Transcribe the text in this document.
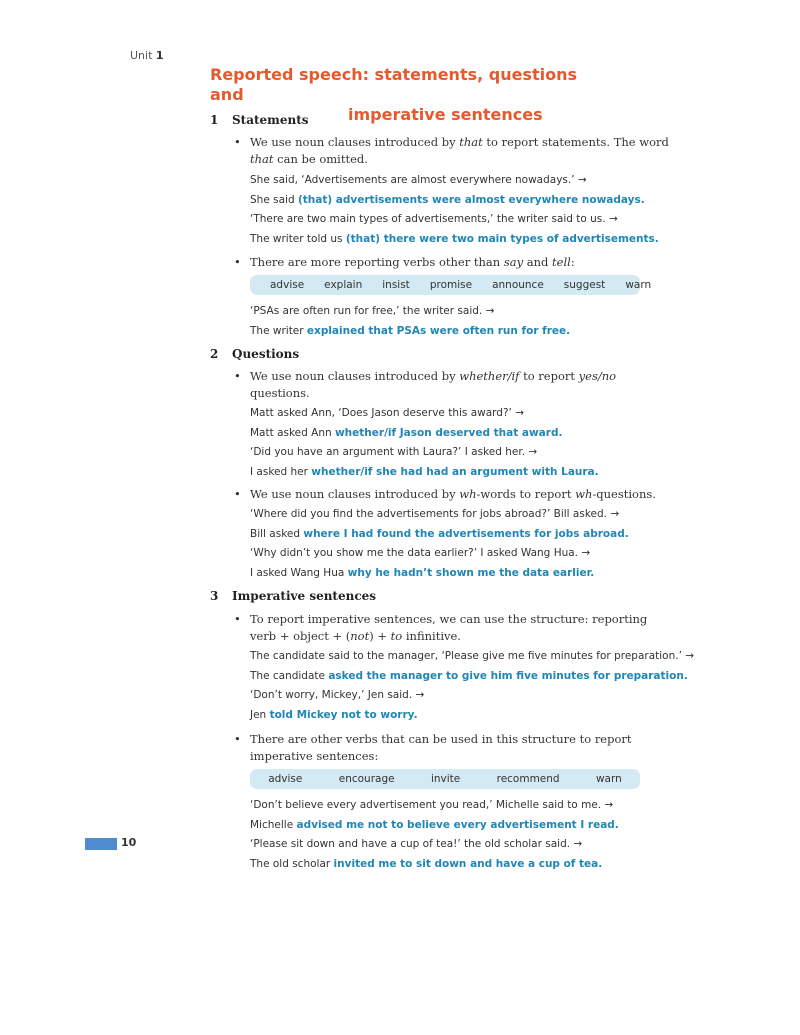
Unit 1
Reported speech: statements, questions and
imperative sentences
1 Statements
• We use noun clauses introduced by that to report statements. The word that can be omitted.
She said, ‘Advertisements are almost everywhere nowadays.’ →
She said (that) advertisements were almost everywhere nowadays.
‘There are two main types of advertisements,’ the writer said to us. →
The writer told us (that) there were two main types of advertisements.
• There are more reporting verbs other than say and tell:
advise explain insist promise announce suggest warn
‘PSAs are often run for free,’ the writer said. →
The writer explained that PSAs were often run for free.
2 Questions
• We use noun clauses introduced by whether/if to report yes/no questions.
Matt asked Ann, ‘Does Jason deserve this award?’ →
Matt asked Ann whether/if Jason deserved that award.
‘Did you have an argument with Laura?’ I asked her. →
I asked her whether/if she had had an argument with Laura.
• We use noun clauses introduced by wh-words to report wh-questions.
‘Where did you find the advertisements for jobs abroad?’ Bill asked. →
Bill asked where I had found the advertisements for jobs abroad.
‘Why didn’t you show me the data earlier?’ I asked Wang Hua. →
I asked Wang Hua why he hadn’t shown me the data earlier.
3 Imperative sentences
• To report imperative sentences, we can use the structure: reporting verb + object + (not) + to infinitive.
The candidate said to the manager, ‘Please give me five minutes for preparation.’ →
The candidate asked the manager to give him five minutes for preparation.
‘Don’t worry, Mickey,’ Jen said. →
Jen told Mickey not to worry.
• There are other verbs that can be used in this structure to report imperative sentences:
advise	encourage	invite	recommend	warn
‘Don’t believe every advertisement you read,’ Michelle said to me. →
Michelle advised me not to believe every advertisement I read.
‘Please sit down and have a cup of tea!’ the old scholar said. →
The old scholar invited me to sit down and have a cup of tea.
10
